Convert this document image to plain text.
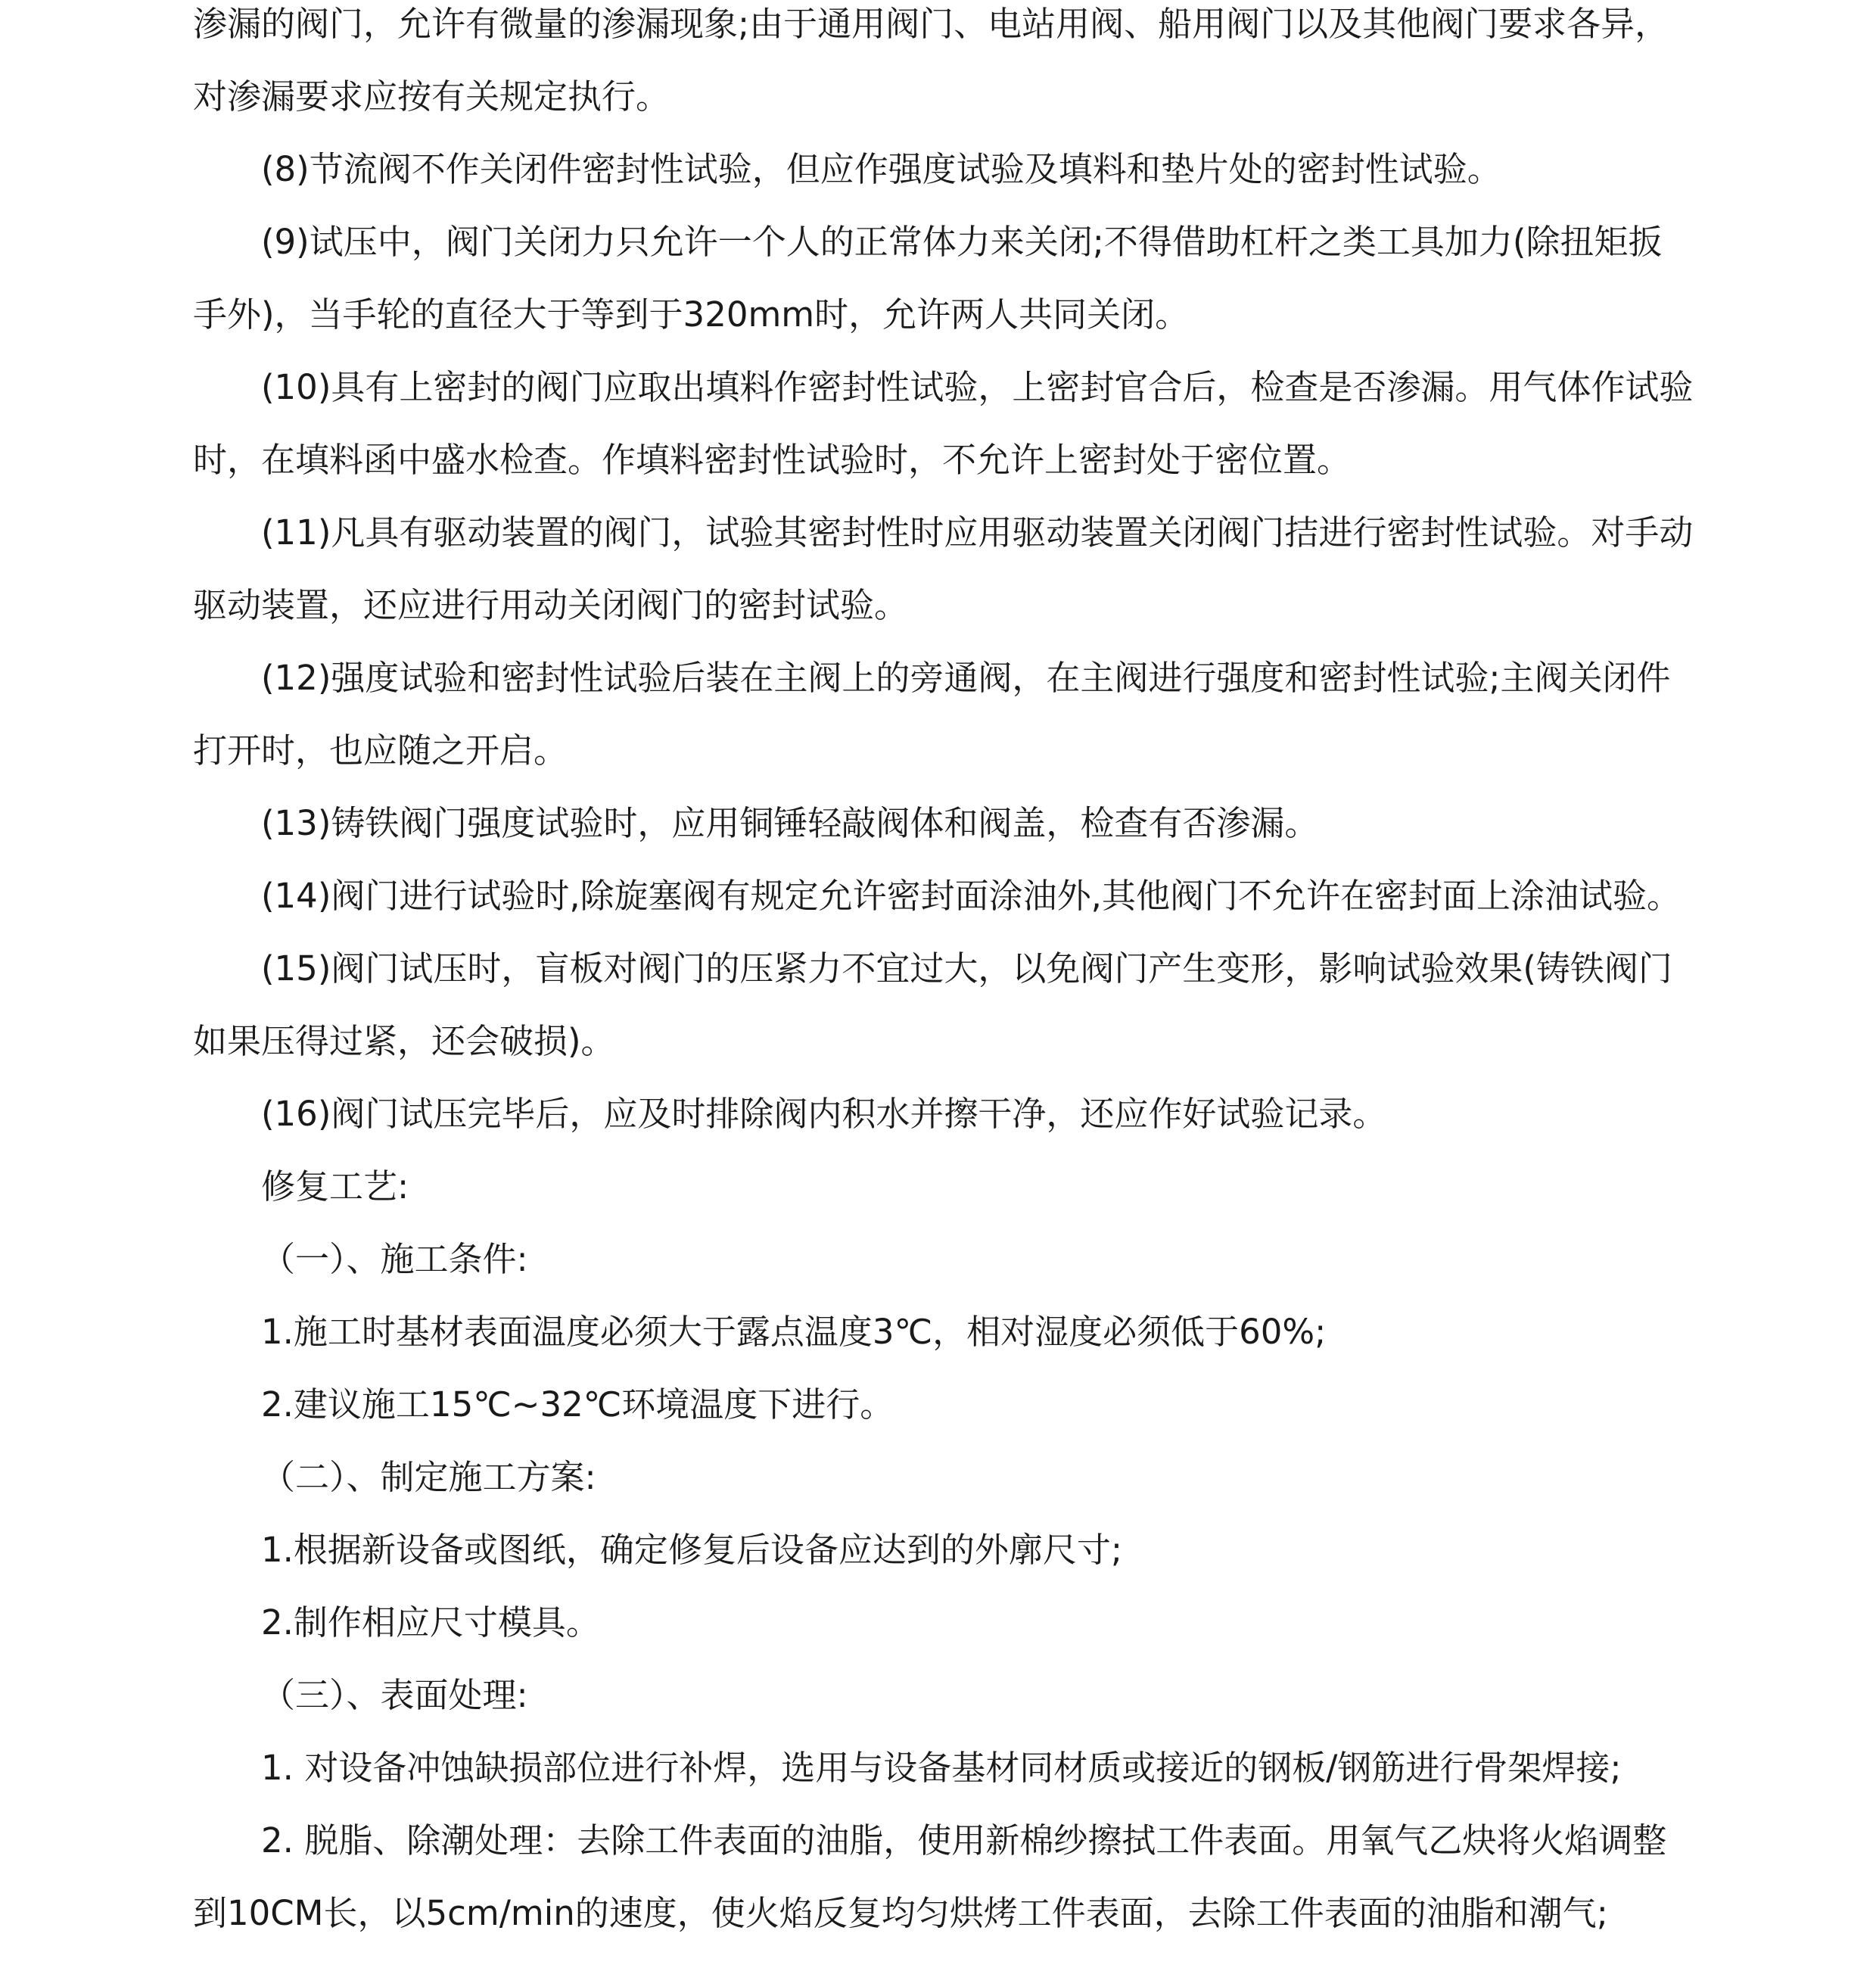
渗漏的阀门，允许有微量的渗漏现象;由于通用阀门、电站用阀、船用阀门以及其他阀门要求各异，
对渗漏要求应按有关规定执行。
(8)节流阀不作关闭件密封性试验，但应作强度试验及填料和垫片处的密封性试验。
(9)试压中，阀门关闭力只允许一个人的正常体力来关闭;不得借助杠杆之类工具加力(除扭矩扳
手外)，当手轮的直径大于等到于320mm时，允许两人共同关闭。
(10)具有上密封的阀门应取出填料作密封性试验，上密封官合后，检查是否渗漏。用气体作试验
时，在填料函中盛水检查。作填料密封性试验时，不允许上密封处于密位置。
(11)凡具有驱动装置的阀门，试验其密封性时应用驱动装置关闭阀门拮进行密封性试验。对手动
驱动装置，还应进行用动关闭阀门的密封试验。
(12)强度试验和密封性试验后装在主阀上的旁通阀，在主阀进行强度和密封性试验;主阀关闭件
打开时，也应随之开启。
(13)铸铁阀门强度试验时，应用铜锤轻敲阀体和阀盖，检查有否渗漏。
(14)阀门进行试验时,除旋塞阀有规定允许密封面涂油外,其他阀门不允许在密封面上涂油试验。
(15)阀门试压时，盲板对阀门的压紧力不宜过大，以免阀门产生变形，影响试验效果(铸铁阀门
如果压得过紧，还会破损)。
(16)阀门试压完毕后，应及时排除阀内积水并擦干净，还应作好试验记录。
修复工艺:
（一）、施工条件:
1.施工时基材表面温度必须大于露点温度3℃，相对湿度必须低于60%;
2.建议施工15℃~32℃环境温度下进行。
（二）、制定施工方案:
1.根据新设备或图纸，确定修复后设备应达到的外廓尺寸;
2.制作相应尺寸模具。
（三）、表面处理:
1. 对设备冲蚀缺损部位进行补焊，选用与设备基材同材质或接近的钢板/钢筋进行骨架焊接;
2. 脱脂、除潮处理：去除工件表面的油脂，使用新棉纱擦拭工件表面。用氧气乙炔将火焰调整
到10CM长，以5cm/min的速度，使火焰反复均匀烘烤工件表面，去除工件表面的油脂和潮气;
